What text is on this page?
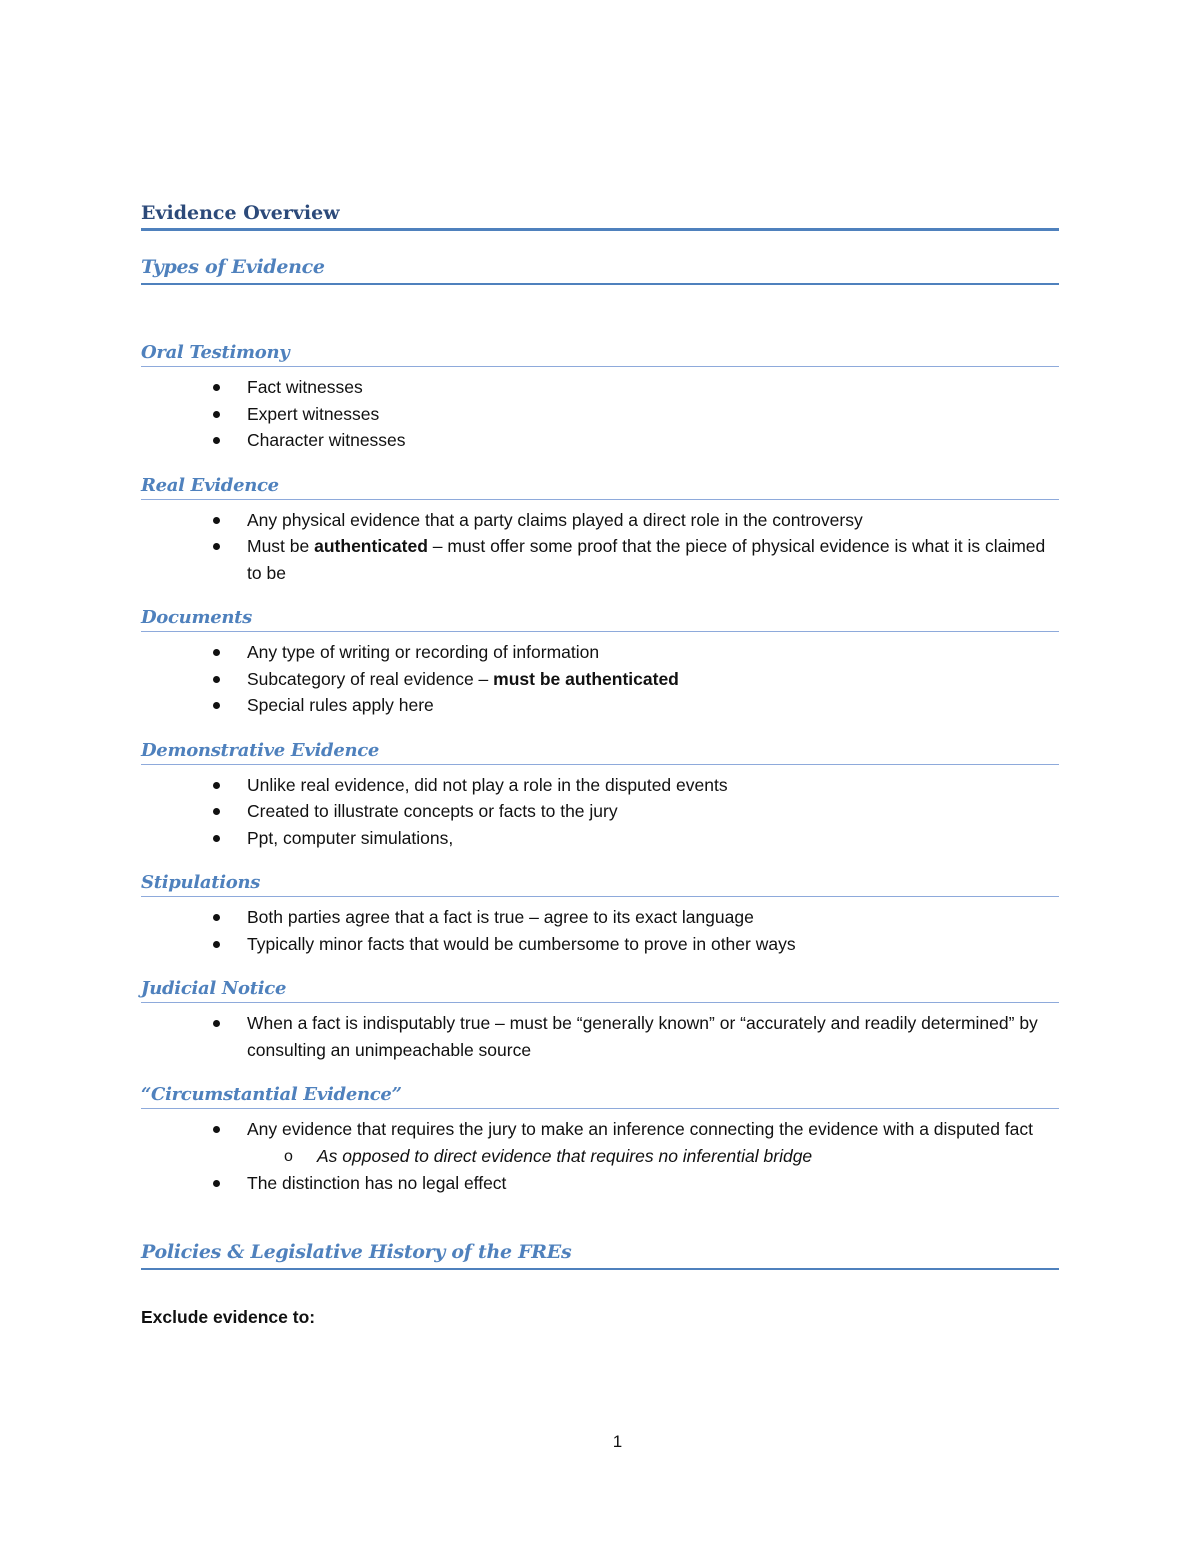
Evidence Overview
Types of Evidence
Oral Testimony
Fact witnesses
Expert witnesses
Character witnesses
Real Evidence
Any physical evidence that a party claims played a direct role in the controversy
Must be authenticated – must offer some proof that the piece of physical evidence is what it is claimed to be
Documents
Any type of writing or recording of information
Subcategory of real evidence – must be authenticated
Special rules apply here
Demonstrative Evidence
Unlike real evidence, did not play a role in the disputed events
Created to illustrate concepts or facts to the jury
Ppt, computer simulations,
Stipulations
Both parties agree that a fact is true – agree to its exact language
Typically minor facts that would be cumbersome to prove in other ways
Judicial Notice
When a fact is indisputably true – must be “generally known” or “accurately and readily determined” by consulting an unimpeachable source
“Circumstantial Evidence”
Any evidence that requires the jury to make an inference connecting the evidence with a disputed fact
o As opposed to direct evidence that requires no inferential bridge
The distinction has no legal effect
Policies & Legislative History of the FREs
Exclude evidence to:
1
